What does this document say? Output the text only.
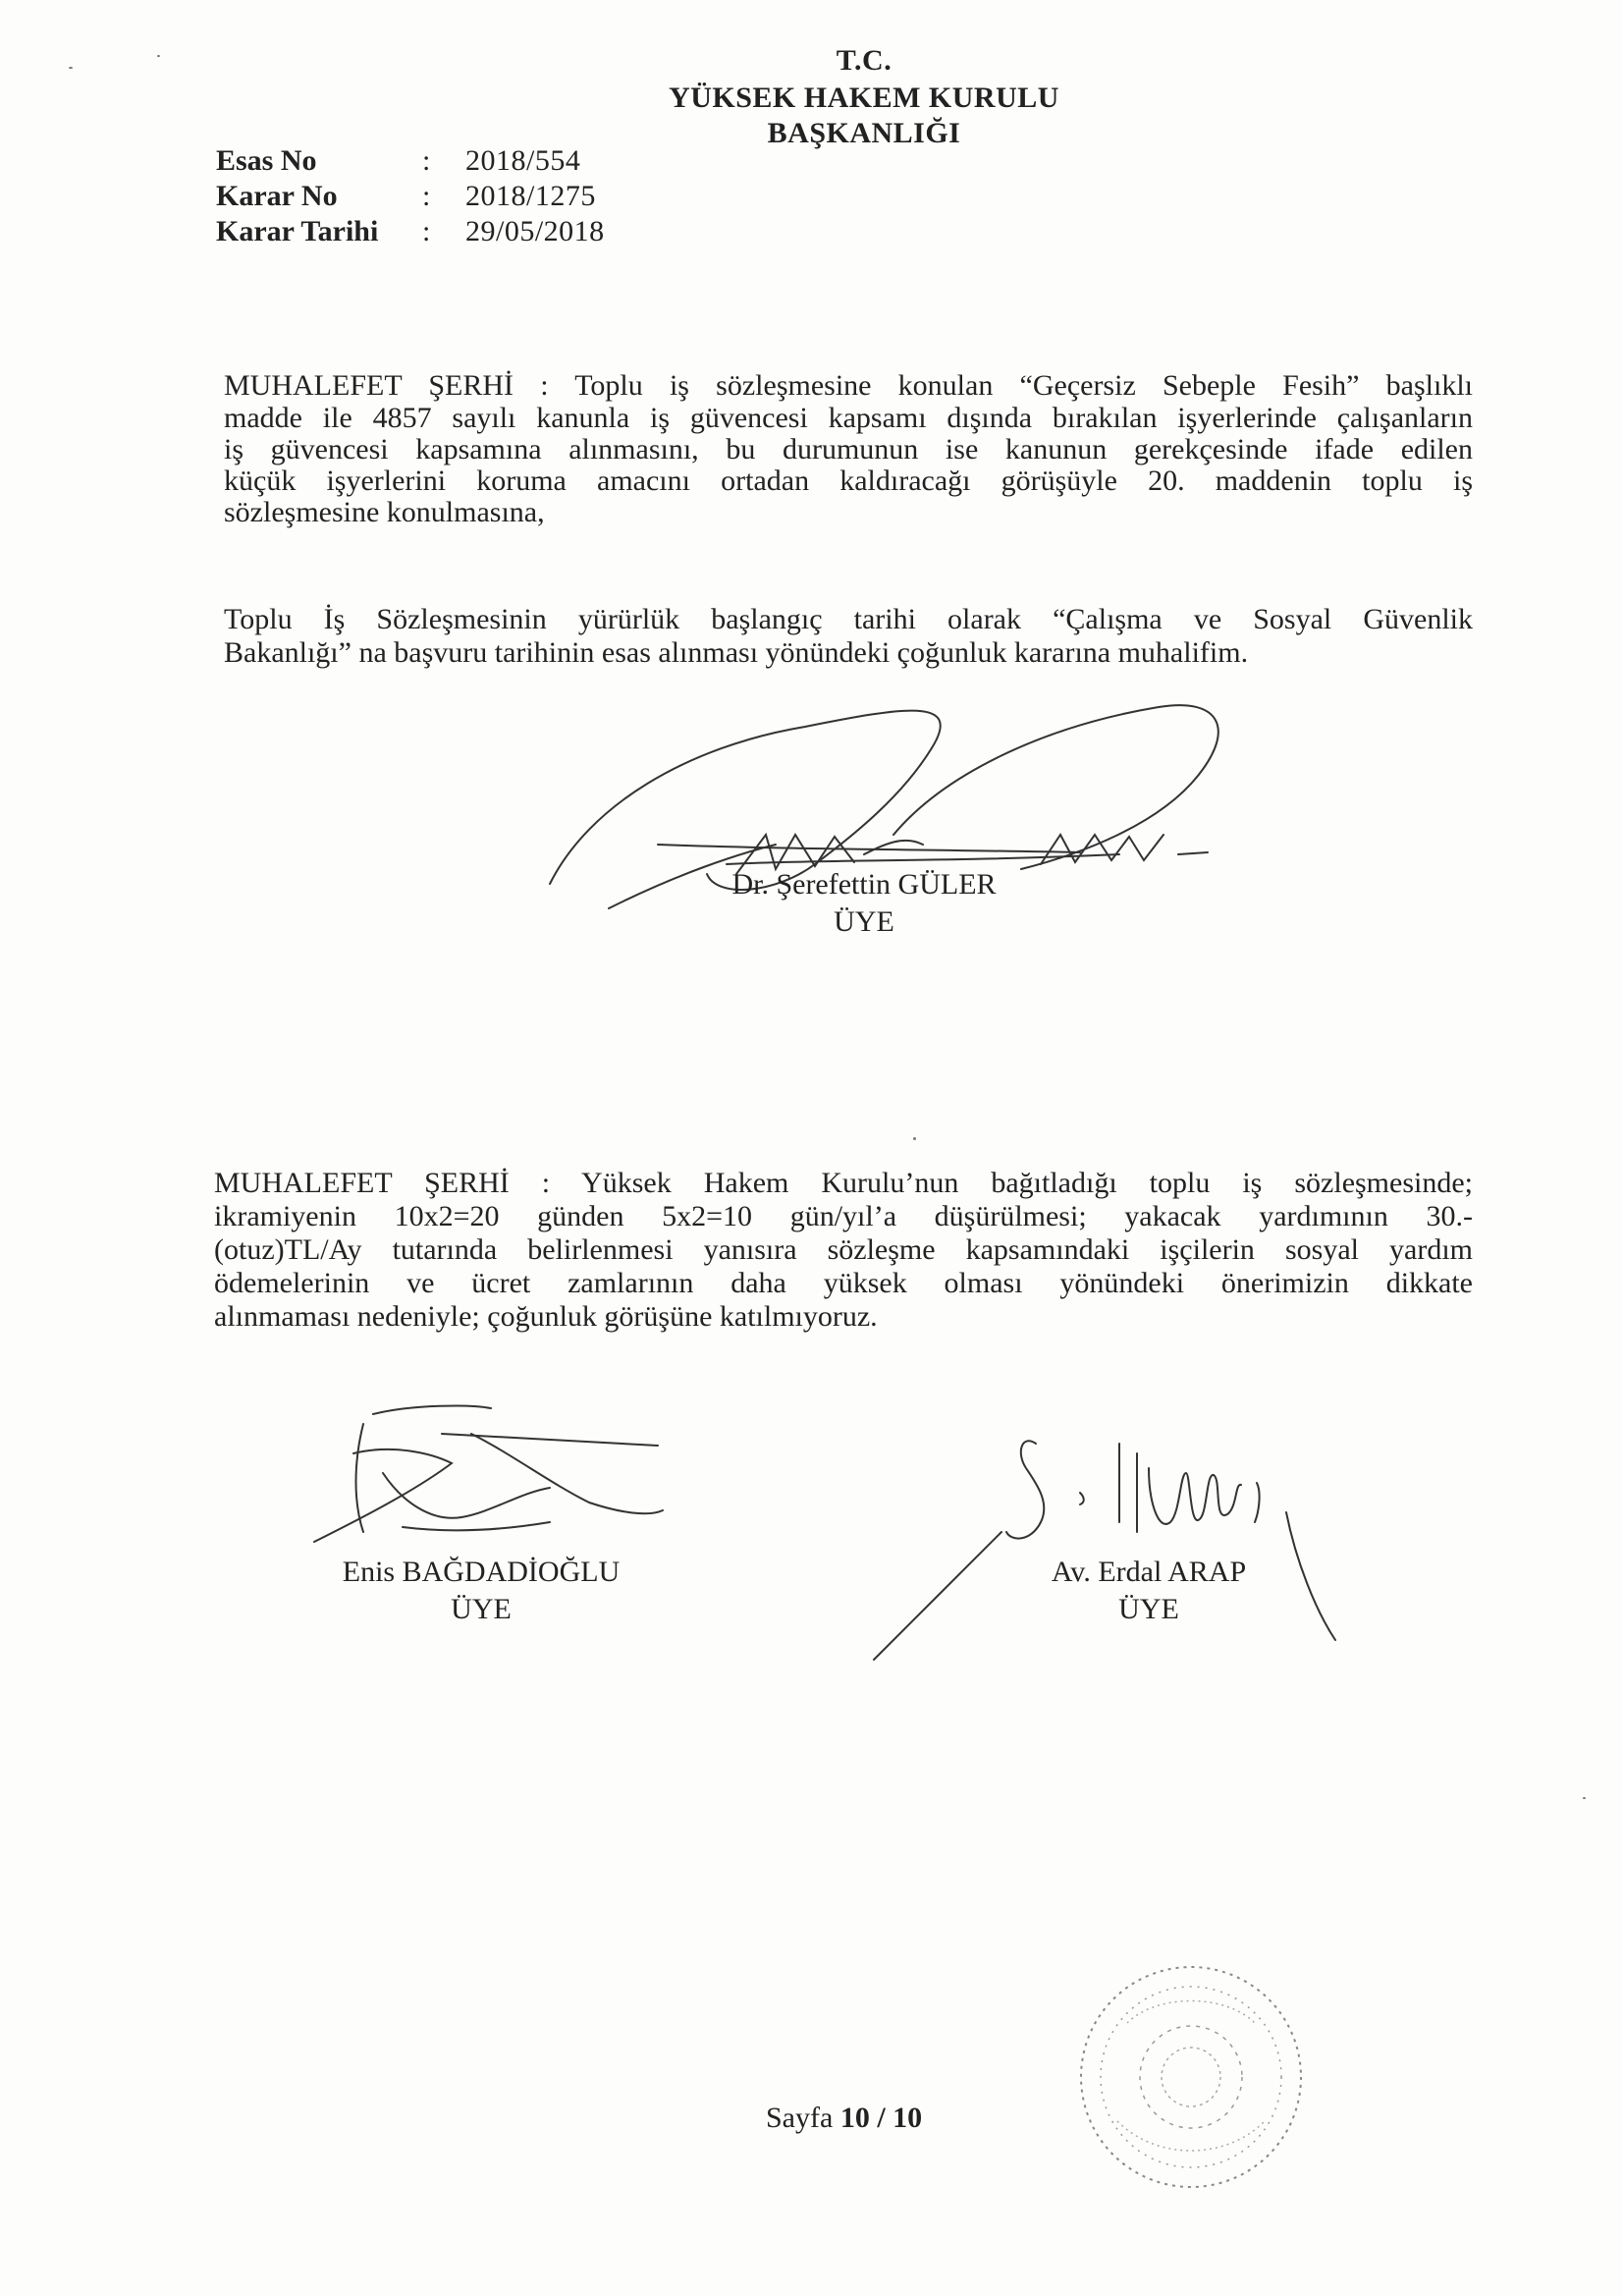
T.C.
YÜKSEK HAKEM KURULU
BAŞKANLIĞI
Esas No	:	2018/554
Karar No	:	2018/1275
Karar Tarihi	:	29/05/2018
MUHALEFET ŞERHİ : Toplu iş sözleşmesine konulan “Geçersiz Sebeple Fesih” başlıklı
madde ile 4857 sayılı kanunla iş güvencesi kapsamı dışında bırakılan işyerlerinde çalışanların
iş güvencesi kapsamına alınmasını, bu durumunun ise kanunun gerekçesinde ifade edilen
küçük işyerlerini koruma amacını ortadan kaldıracağı görüşüyle 20. maddenin toplu iş
sözleşmesine konulmasına,
Toplu İş Sözleşmesinin yürürlük başlangıç tarihi olarak “Çalışma ve Sosyal Güvenlik
Bakanlığı” na başvuru tarihinin esas alınması yönündeki çoğunluk kararına muhalifim.
Dr. Şerefettin GÜLER
ÜYE
MUHALEFET ŞERHİ : Yüksek Hakem Kurulu’nun bağıtladığı toplu iş sözleşmesinde;
ikramiyenin 10x2=20 günden 5x2=10 gün/yıl’a düşürülmesi; yakacak yardımının 30.-
(otuz)TL/Ay tutarında belirlenmesi yanısıra sözleşme kapsamındaki işçilerin sosyal yardım
ödemelerinin ve ücret zamlarının daha yüksek olması yönündeki önerimizin dikkate
alınmaması nedeniyle; çoğunluk görüşüne katılmıyoruz.
Enis BAĞDADİOĞLU
ÜYE
Av. Erdal ARAP
ÜYE
Sayfa 10 / 10
